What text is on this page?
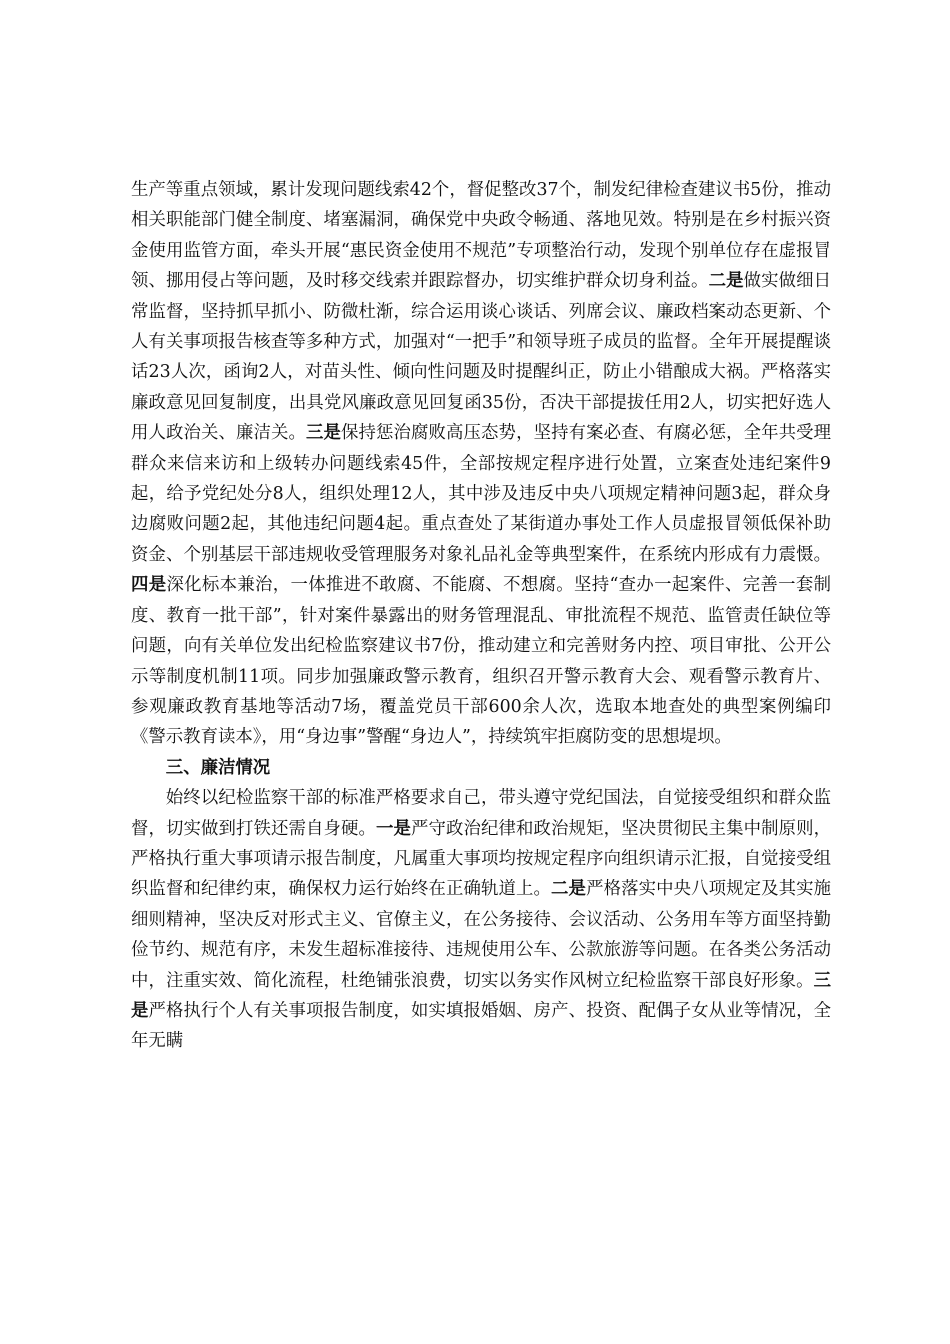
生产等重点领域，累计发现问题线索42个，督促整改37个，制发纪律检查建议书5份，推动相关职能部门健全制度、堵塞漏洞，确保党中央政令畅通、落地见效。特别是在乡村振兴资金使用监管方面，牵头开展“惠民资金使用不规范”专项整治行动，发现个别单位存在虚报冒领、挪用侵占等问题，及时移交线索并跟踪督办，切实维护群众切身利益。二是做实做细日常监督，坚持抓早抓小、防微杜渐，综合运用谈心谈话、列席会议、廉政档案动态更新、个人有关事项报告核查等多种方式，加强对“一把手”和领导班子成员的监督。全年开展提醒谈话23人次，函询2人，对苗头性、倾向性问题及时提醒纠正，防止小错酿成大祸。严格落实廉政意见回复制度，出具党风廉政意见回复函35份，否决干部提拔任用2人，切实把好选人用人政治关、廉洁关。三是保持惩治腐败高压态势，坚持有案必查、有腐必惩，全年共受理群众来信来访和上级转办问题线索45件，全部按规定程序进行处置，立案查处违纪案件9起，给予党纪处分8人，组织处理12人，其中涉及违反中央八项规定精神问题3起，群众身边腐败问题2起，其他违纪问题4起。重点查处了某街道办事处工作人员虚报冒领低保补助资金、个别基层干部违规收受管理服务对象礼品礼金等典型案件，在系统内形成有力震慑。四是深化标本兼治，一体推进不敢腐、不能腐、不想腐。坚持“查办一起案件、完善一套制度、教育一批干部”，针对案件暴露出的财务管理混乱、审批流程不规范、监管责任缺位等问题，向有关单位发出纪检监察建议书7份，推动建立和完善财务内控、项目审批、公开公示等制度机制11项。同步加强廉政警示教育，组织召开警示教育大会、观看警示教育片、参观廉政教育基地等活动7场，覆盖党员干部600余人次，选取本地查处的典型案例编印《警示教育读本》，用“身边事”警醒“身边人”，持续筑牢拒腐防变的思想堤坝。

三、廉洁情况

始终以纪检监察干部的标准严格要求自己，带头遵守党纪国法，自觉接受组织和群众监督，切实做到打铁还需自身硬。一是严守政治纪律和政治规矩，坚决贯彻民主集中制原则，严格执行重大事项请示报告制度，凡属重大事项均按规定程序向组织请示汇报，自觉接受组织监督和纪律约束，确保权力运行始终在正确轨道上。二是严格落实中央八项规定及其实施细则精神，坚决反对形式主义、官僚主义，在公务接待、会议活动、公务用车等方面坚持勤俭节约、规范有序，未发生超标准接待、违规使用公车、公款旅游等问题。在各类公务活动中，注重实效、简化流程，杜绝铺张浪费，切实以务实作风树立纪检监察干部良好形象。三是严格执行个人有关事项报告制度，如实填报婚姻、房产、投资、配偶子女从业等情况，全年无瞒
